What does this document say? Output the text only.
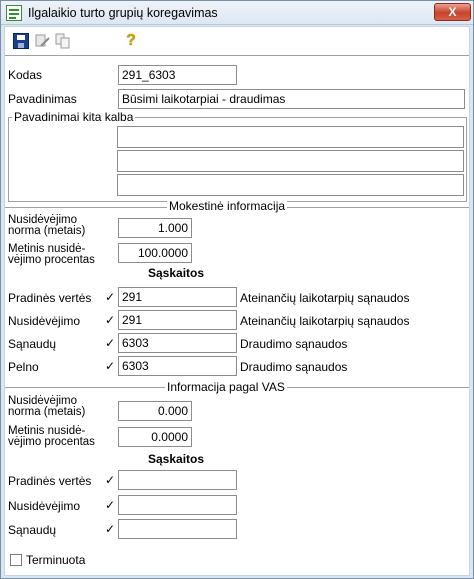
Ilgalaikio turto grupių koregavimas	X
?
Kodas	291_6303
Pavadinimas	Būsimi laikotarpiai - draudimas
Pavadinimai kita kalba
Mokestinė informacija
Nusidėvėjimo
norma (metais)	1.000
Metinis nusidė-
vėjimo procentas	100.0000
Sąskaitos
Pradinės vertės ✓ 291	Ateinančių laikotarpių sąnaudos
Nusidėvėjimo ✓ 291	Ateinančių laikotarpių sąnaudos
Sąnaudų	✓ 6303	Draudimo sąnaudos
Pelno	✓ 6303	Draudimo sąnaudos
Informacija pagal VAS
Nusidėvėjimo
norma (metais)	0.000
Metinis nusidė-
vėjimo procentas	0.0000
Sąskaitos
Pradinės vertės ✓
Nusidėvėjimo ✓
Sąnaudų	✓
Terminuota
